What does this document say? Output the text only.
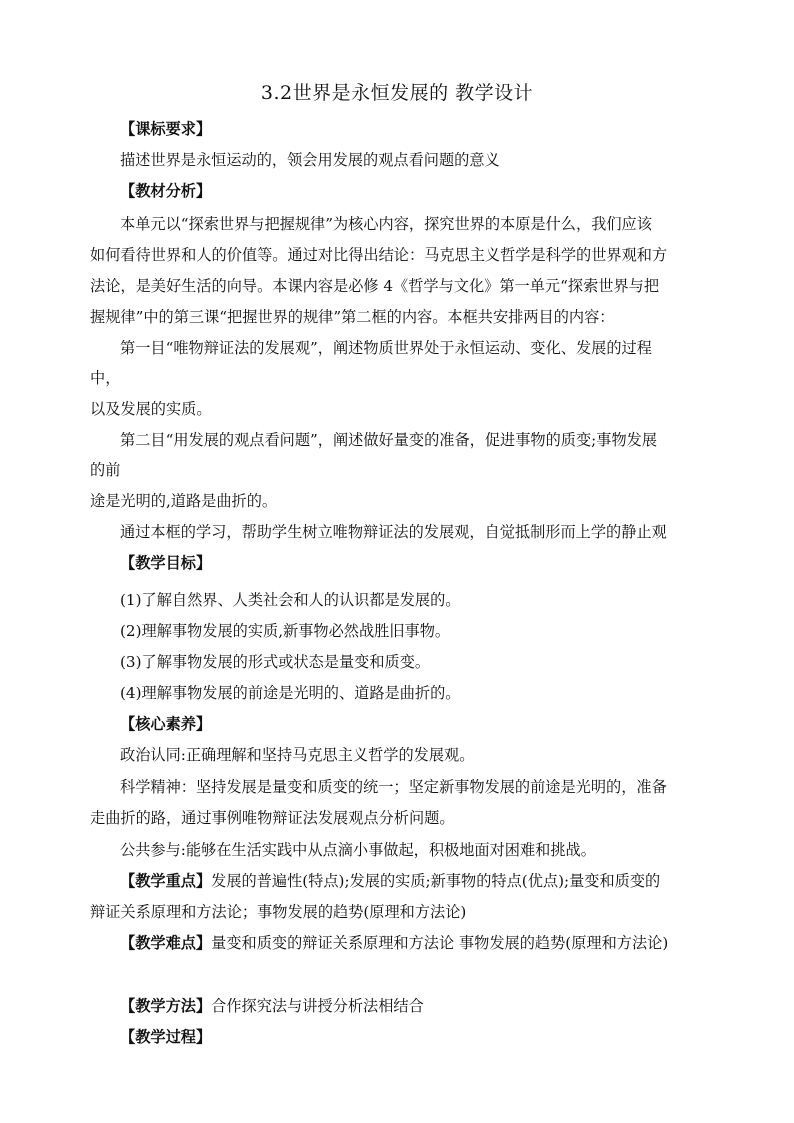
3.2世界是永恒发展的 教学设计
【课标要求】
描述世界是永恒运动的，领会用发展的观点看问题的意义
【教材分析】
本单元以“探索世界与把握规律”为核心内容，探究世界的本原是什么，我们应该
如何看待世界和人的价值等。通过对比得出结论：马克思主义哲学是科学的世界观和方
法论，是美好生活的向导。本课内容是必修 4《哲学与文化》第一单元“探索世界与把
握规律”中的第三课“把握世界的规律”第二框的内容。本框共安排两目的内容：
第一目“唯物辩证法的发展观”，阐述物质世界处于永恒运动、变化、发展的过程
中，
以及发展的实质。
第二目“用发展的观点看问题”，阐述做好量变的准备，促进事物的质变;事物发展
的前
途是光明的,道路是曲折的。
通过本框的学习，帮助学生树立唯物辩证法的发展观，自觉抵制形而上学的静止观
【教学目标】
(1)了解自然界、人类社会和人的认识都是发展的。
(2)理解事物发展的实质,新事物必然战胜旧事物。
(3)了解事物发展的形式或状态是量变和质变。
(4)理解事物发展的前途是光明的、道路是曲折的。
【核心素养】
政治认同:正确理解和坚持马克思主义哲学的发展观。
科学精神：坚持发展是量变和质变的统一；坚定新事物发展的前途是光明的，准备
走曲折的路，通过事例唯物辩证法发展观点分析问题。
公共参与:能够在生活实践中从点滴小事做起，积极地面对困难和挑战。
【教学重点】发展的普遍性(特点);发展的实质;新事物的特点(优点);量变和质变的
辩证关系原理和方法论；事物发展的趋势(原理和方法论)
【教学难点】量变和质变的辩证关系原理和方法论 事物发展的趋势(原理和方法论)
【教学方法】合作探究法与讲授分析法相结合
【教学过程】
